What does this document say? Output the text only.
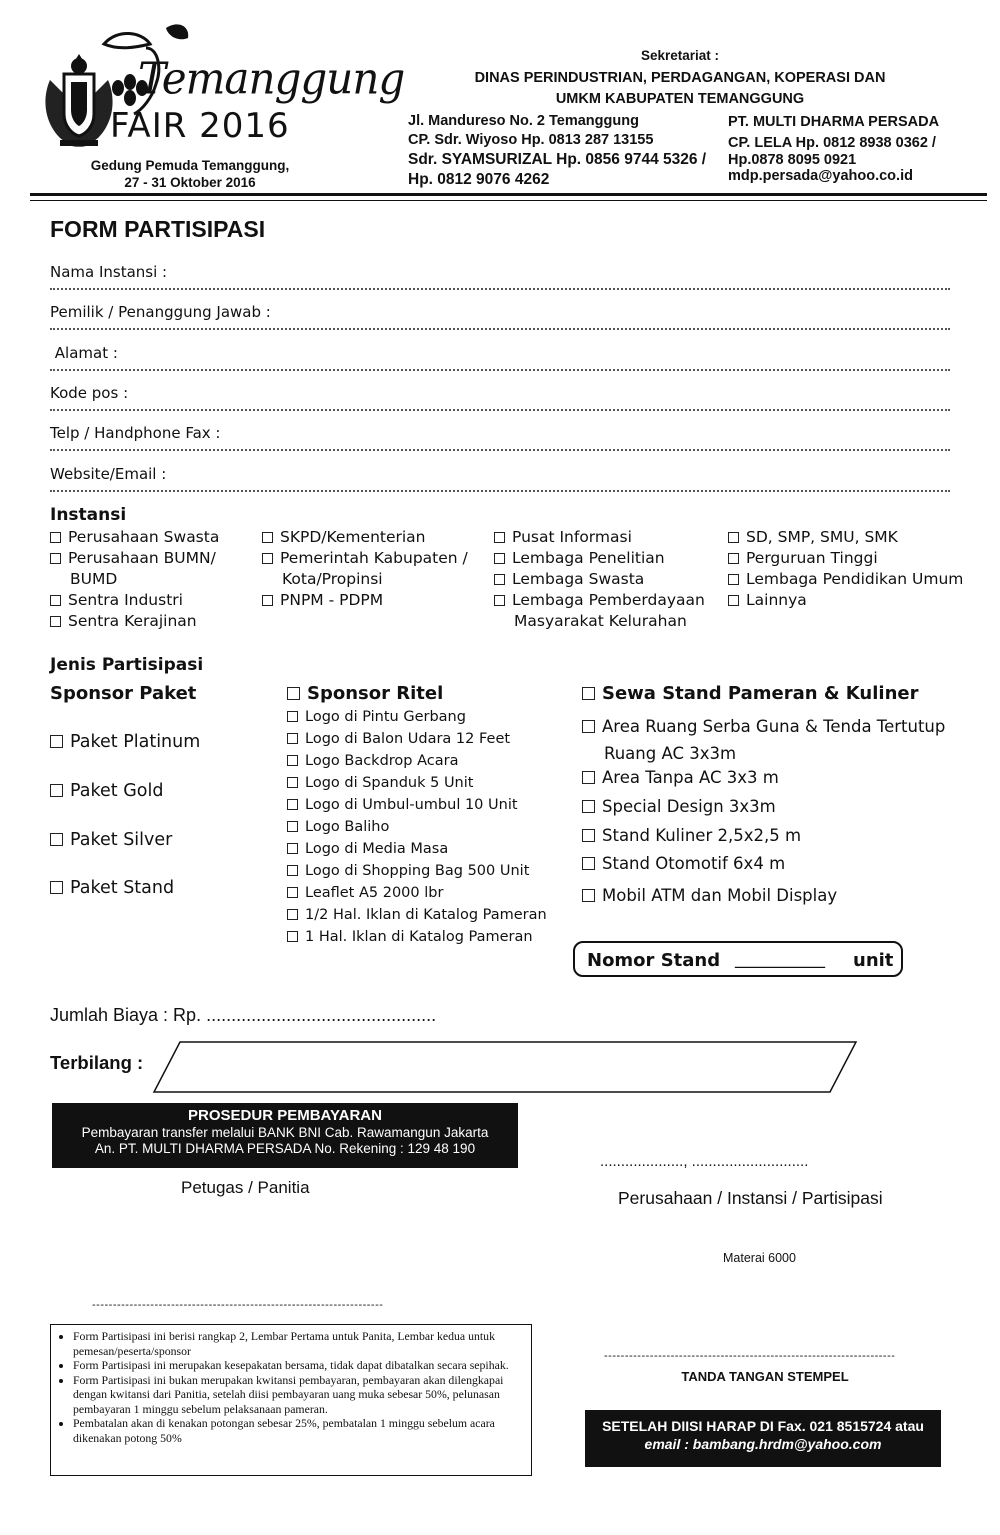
Temanggung
FAIR 2016
Gedung Pemuda Temanggung,
27 - 31 Oktober 2016
Sekretariat :
DINAS PERINDUSTRIAN, PERDAGANGAN, KOPERASI DAN
UMKM KABUPATEN TEMANGGUNG
Jl. Mandureso No. 2 Temanggung
CP. Sdr. Wiyoso Hp. 0813 287 13155
Sdr. SYAMSURIZAL Hp. 0856 9744 5326 /
Hp. 0812 9076 4262
PT. MULTI DHARMA PERSADA
CP. LELA Hp. 0812 8938 0362 /
Hp.0878 8095 0921
mdp.persada@yahoo.co.id
FORM PARTISIPASI
Nama Instansi :
Pemilik / Penanggung Jawab :
Alamat :
Kode pos :
Telp / Handphone Fax :
Website/Email :
Instansi
Perusahaan Swasta
Perusahaan BUMN/
BUMD
Sentra Industri
Sentra Kerajinan
SKPD/Kementerian
Pemerintah Kabupaten /
Kota/Propinsi
PNPM - PDPM
Pusat Informasi
Lembaga Penelitian
Lembaga Swasta
Lembaga Pemberdayaan
Masyarakat Kelurahan
SD, SMP, SMU, SMK
Perguruan Tinggi
Lembaga Pendidikan Umum
Lainnya
Jenis Partisipasi
Sponsor Paket
Paket Platinum
Paket Gold
Paket Silver
Paket Stand
Sponsor Ritel
Logo di Pintu Gerbang
Logo di Balon Udara 12 Feet
Logo Backdrop Acara
Logo di Spanduk 5 Unit
Logo di Umbul-umbul 10 Unit
Logo Baliho
Logo di Media Masa
Logo di Shopping Bag 500 Unit
Leaflet A5 2000 lbr
1/2 Hal. Iklan di Katalog Pameran
1 Hal. Iklan di Katalog Pameran
Sewa Stand Pameran & Kuliner
Area Ruang Serba Guna & Tenda Tertutup
Ruang AC 3x3m
Area Tanpa AC 3x3 m
Special Design 3x3m
Stand Kuliner 2,5x2,5 m
Stand Otomotif 6x4 m
Mobil ATM dan Mobil Display
Nomor Stand __________ unit
Jumlah Biaya : Rp. ..............................................
Terbilang :
PROSEDUR PEMBAYARAN
Pembayaran transfer melalui BANK BNI Cab. Rawamangun Jakarta
An. PT. MULTI DHARMA PERSADA No. Rekening : 129 48 190
Petugas / Panitia
...................., ............................
Perusahaan / Instansi / Partisipasi
Materai 6000
----------------------------------------------------------------------
----------------------------------------------------------------------
TANDA TANGAN STEMPEL
• Form Partisipasi ini berisi rangkap 2, Lembar Pertama untuk Panita, Lembar kedua untuk pemesan/peserta/sponsor
• Form Partisipasi ini merupakan kesepakatan bersama, tidak dapat dibatalkan secara sepihak.
• Form Partisipasi ini bukan merupakan kwitansi pembayaran, pembayaran akan dilengkapai dengan kwitansi dari Panitia, setelah diisi pembayaran uang muka sebesar 50%, pelunasan pembayaran 1 minggu sebelum pelaksanaan pameran.
• Pembatalan akan di kenakan potongan sebesar 25%, pembatalan 1 minggu sebelum acara dikenakan potong 50%
SETELAH DIISI HARAP DI Fax. 021 8515724 atau
email : bambang.hrdm@yahoo.com
